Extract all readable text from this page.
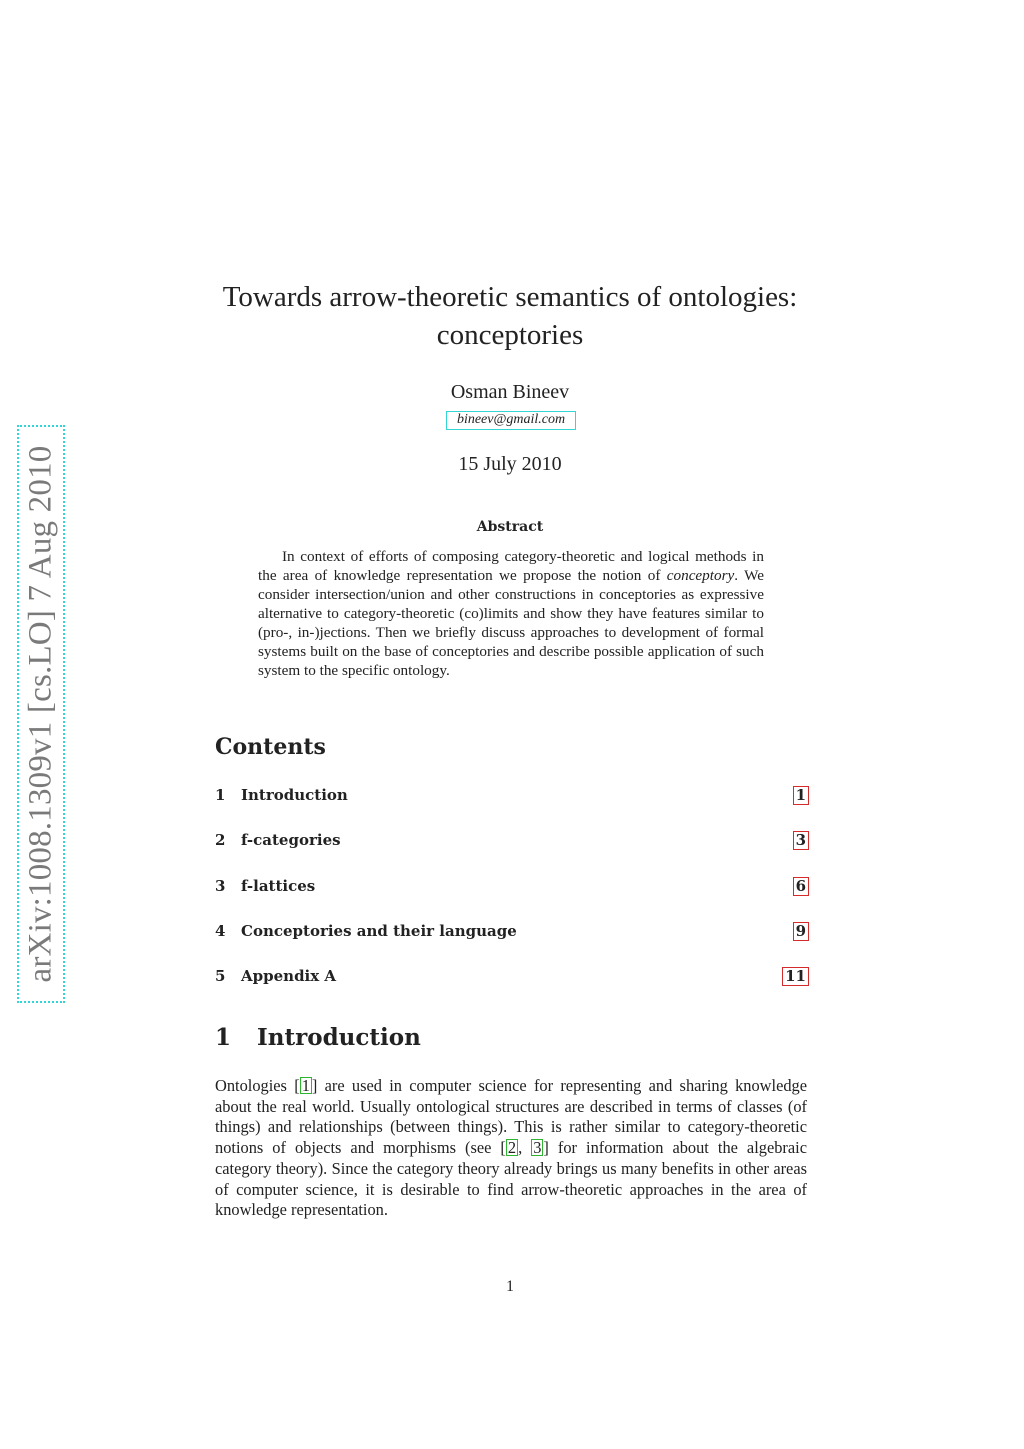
arXiv:1008.1309v1 [cs.LO] 7 Aug 2010
Towards arrow-theoretic semantics of ontologies:
conceptories
Osman Bineev
bineev@gmail.com
15 July 2010
Abstract
In context of efforts of composing category-theoretic and logical methods in the area of knowledge representation we propose the notion of conceptory. We consider intersection/union and other constructions in conceptories as expressive alternative to category-theoretic (co)limits and show they have features similar to (pro-, in-)jections. Then we briefly discuss approaches to development of formal systems built on the base of conceptories and describe possible application of such system to the specific ontology.
Contents
1 Introduction	1
2 f-categories	3
3 f-lattices	6
4 Conceptories and their language	9
5 Appendix A	11
1 Introduction
Ontologies [ 1 ] are used in computer science for representing and sharing knowledge about the real world. Usually ontological structures are described in terms of classes (of things) and relationships (between things). This is rather similar to category-theoretic notions of objects and morphisms (see [ 2 , 3 ] for information about the algebraic category theory). Since the category theory already brings us many benefits in other areas of computer science, it is desirable to find arrow-theoretic approaches in the area of knowledge representation.
1
